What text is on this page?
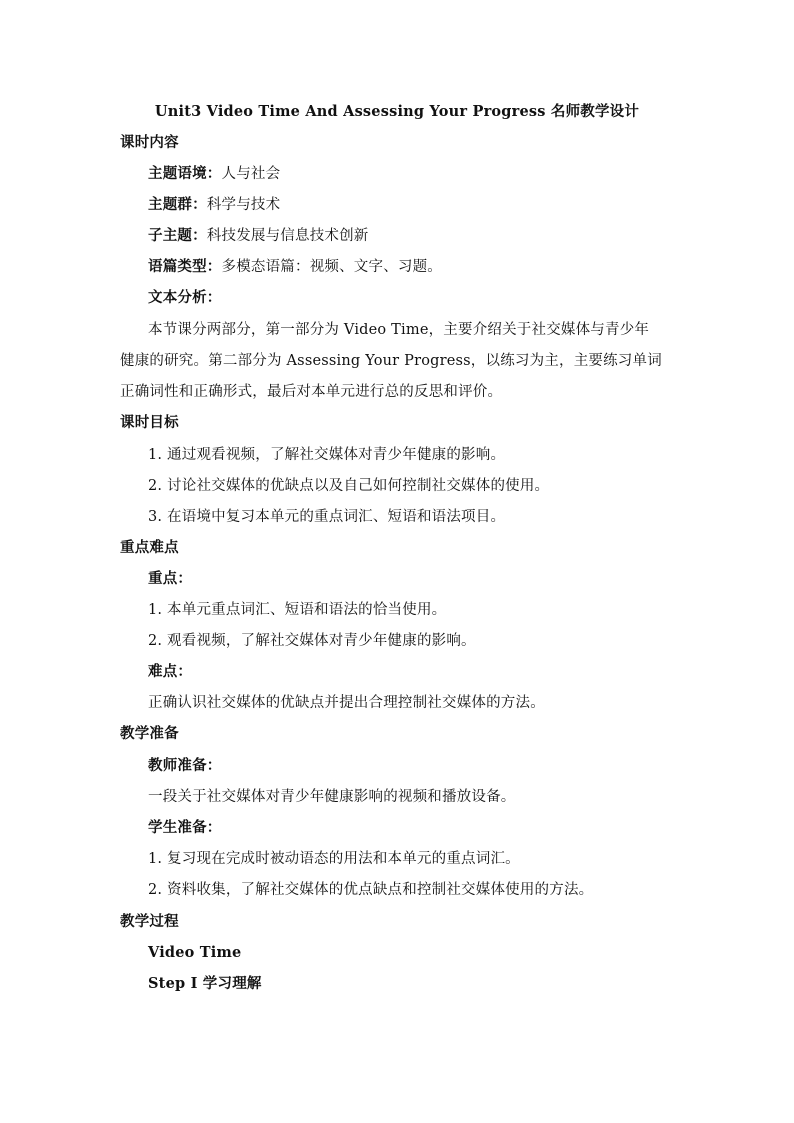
Unit3 Video Time And Assessing Your Progress 名师教学设计
课时内容
主题语境：人与社会
主题群：科学与技术
子主题：科技发展与信息技术创新
语篇类型：多模态语篇：视频、文字、习题。
文本分析：
本节课分两部分，第一部分为 Video Time，主要介绍关于社交媒体与青少年
健康的研究。第二部分为 Assessing Your Progress，以练习为主，主要练习单词
正确词性和正确形式，最后对本单元进行总的反思和评价。
课时目标
1. 通过观看视频，了解社交媒体对青少年健康的影响。
2. 讨论社交媒体的优缺点以及自己如何控制社交媒体的使用。
3. 在语境中复习本单元的重点词汇、短语和语法项目。
重点难点
重点：
1. 本单元重点词汇、短语和语法的恰当使用。
2. 观看视频，了解社交媒体对青少年健康的影响。
难点：
正确认识社交媒体的优缺点并提出合理控制社交媒体的方法。
教学准备
教师准备：
一段关于社交媒体对青少年健康影响的视频和播放设备。
学生准备：
1. 复习现在完成时被动语态的用法和本单元的重点词汇。
2. 资料收集，了解社交媒体的优点缺点和控制社交媒体使用的方法。
教学过程
Video Time
Step I 学习理解
